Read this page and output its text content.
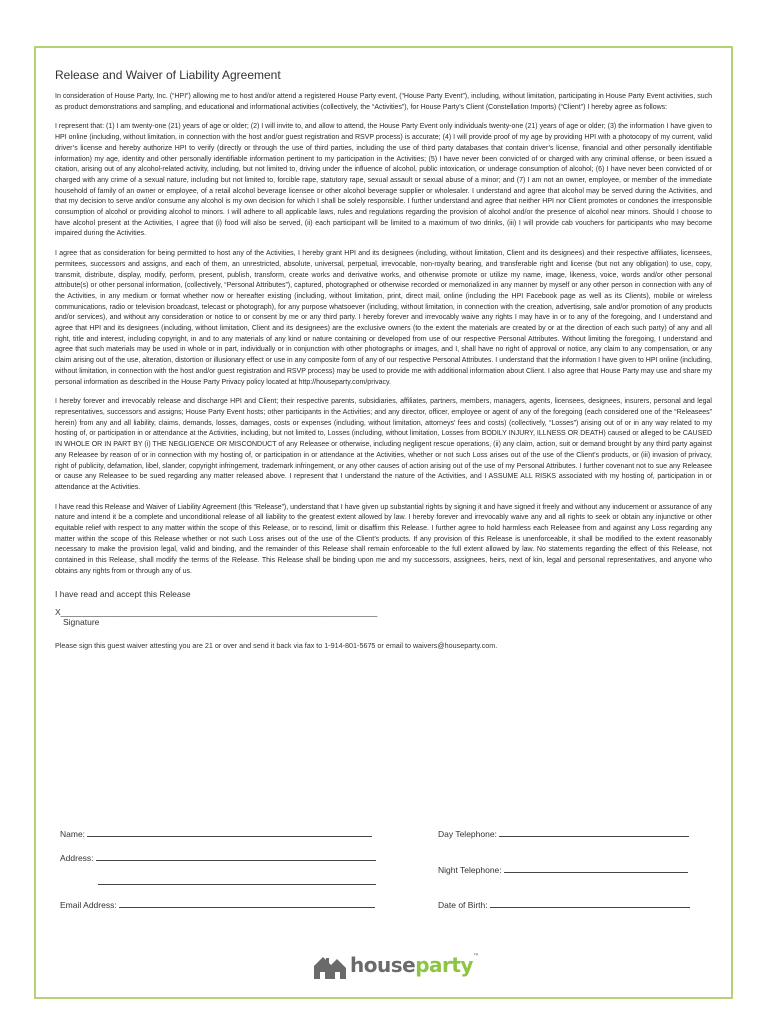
Release and Waiver of Liability Agreement

In consideration of House Party, Inc. (“HPI”) allowing me to host and/or attend a registered House Party event, (“House Party Event”), including, without limitation, participating in House Party Event activities, such as product demonstrations and sampling, and educational and informational activities (collectively, the “Activities”), for House Party’s Client (Constellation Imports) (“Client”) I hereby agree as follows:

I represent that: (1) I am twenty-one (21) years of age or older; (2) I will invite to, and allow to attend, the House Party Event only individuals twenty-one (21) years of age or older; (3) the information I have given to HPI online (including, without limitation, in connection with the host and/or guest registration and RSVP process) is accurate; (4) I will provide proof of my age by providing HPI with a photocopy of my current, valid driver’s license and hereby authorize HPI to verify (directly or through the use of third parties, including the use of third party databases that contain driver’s license, financial and other personally identifiable information) my age, identity and other personally identifiable information pertinent to my participation in the Activities; (5) I have never been convicted of or charged with any criminal offense, or been issued a citation, arising out of any alcohol-related activity, including, but not limited to, driving under the influence of alcohol, public intoxication, or underage consumption of alcohol; (6) I have never been convicted of or charged with any crime of a sexual nature, including but not limited to, forcible rape, statutory rape, sexual assault or sexual abuse of a minor; and (7) I am not an owner, employee, or member of the immediate household of family of an owner or employee, of a retail alcohol beverage licensee or other alcohol beverage supplier or wholesaler. I understand and agree that alcohol may be served during the Activities, and that my decision to serve and/or consume any alcohol is my own decision for which I shall be solely responsible. I further understand and agree that neither HPI nor Client promotes or condones the irresponsible consumption of alcohol or providing alcohol to minors. I will adhere to all applicable laws, rules and regulations regarding the provision of alcohol and/or the presence of alcohol near minors. Should I choose to have alcohol present at the Activities, I agree that (i) food will also be served, (ii) each participant will be limited to a maximum of two drinks, (iii) I will provide cab vouchers for participants who may become impaired during the Activities.

I agree that as consideration for being permitted to host any of the Activities, I hereby grant HPI and its designees (including, without limitation, Client and its designees) and their respective affiliates, licensees, permitees, successors and assigns, and each of them, an unrestricted, absolute, universal, perpetual, irrevocable, non-royalty bearing, and transferable right and license (but not any obligation) to use, copy, transmit, distribute, display, modify, perform, present, publish, transform, create works and derivative works, and otherwise promote or utilize my name, image, likeness, voice, words and/or other personal attribute(s) or other personal information, (collectively, “Personal Attributes”), captured, photographed or otherwise recorded or memorialized in any manner by myself or any other person in connection with any of the Activities, in any medium or format whether now or hereafter existing (including, without limitation, print, direct mail, online (including the HPI Facebook page as well as its Clients), mobile or wireless communications, radio or television broadcast, telecast or photograph), for any purpose whatsoever (including, without limitation, in connection with the creation, advertising, sale and/or promotion of any products and/or services), and without any consideration or notice to or consent by me or any third party. I hereby forever and irrevocably waive any rights I may have in or to any of the foregoing, and I understand and agree that HPI and its designees (including, without limitation, Client and its designees) are the exclusive owners (to the extent the materials are created by or at the direction of each such party) of any and all right, title and interest, including copyright, in and to any materials of any kind or nature containing or developed from use of our respective Personal Attributes. Without limiting the foregoing, I understand and agree that such materials may be used in whole or in part, individually or in conjunction with other photographs or images, and I, shall have no right of approval or notice, any claim to any compensation, or any claim arising out of the use, alteration, distortion or illusionary effect or use in any composite form of any of our respective Personal Attributes. I understand that the information I have given to HPI online (including, without limitation, in connection with the host and/or guest registration and RSVP process) may be used to provide me with additional information about Client. I also agree that House Party may use and share my personal information as described in the House Party Privacy policy located at http://houseparty.com/privacy.

I hereby forever and irrevocably release and discharge HPI and Client; their respective parents, subsidiaries, affiliates, partners, members, managers, agents, licensees, designees, insurers, personal and legal representatives, successors and assigns; House Party Event hosts; other participants in the Activities; and any director, officer, employee or agent of any of the foregoing (each considered one of the “Releasees” herein) from any and all liability, claims, demands, losses, damages, costs or expenses (including, without limitation, attorneys’ fees and costs) (collectively, “Losses”) arising out of or in any way related to my hosting of, or participation in or attendance at the Activities, including, but not limited to, Losses (including, without limitation, Losses from BODILY INJURY, ILLNESS OR DEATH) caused or alleged to be CAUSED IN WHOLE OR IN PART BY (i) THE NEGLIGENCE OR MISCONDUCT of any Releasee or otherwise, including negligent rescue operations, (ii) any claim, action, suit or demand brought by any third party against any Releasee by reason of or in connection with my hosting of, or participation in or attendance at the Activities, whether or not such Loss arises out of the use of the Client’s products, or (iii) invasion of privacy, right of publicity, defamation, libel, slander, copyright infringement, trademark infringement, or any other causes of action arising out of the use of my Personal Attributes. I further covenant not to sue any Releasee or cause any Releasee to be sued regarding any matter released above. I represent that I understand the nature of the Activities, and I ASSUME ALL RISKS associated with my hosting of, participation in or attendance at the Activities.

I have read this Release and Waiver of Liability Agreement (this “Release”), understand that I have given up substantial rights by signing it and have signed it freely and without any inducement or assurance of any nature and intend it be a complete and unconditional release of all liability to the greatest extent allowed by law. I hereby forever and irrevocably waive any and all rights to seek or obtain any injunctive or other equitable relief with respect to any matter within the scope of this Release, or to rescind, limit or disaffirm this Release. I further agree to hold harmless each Releasee from and against any Loss regarding any matter within the scope of this Release whether or not such Loss arises out of the use of the Client’s products. If any provision of this Release is unenforceable, it shall be modified to the extent reasonably necessary to make the provision legal, valid and binding, and the remainder of this Release shall remain enforceable to the full extent allowed by law. No statements regarding the effect of this Release, not contained in this Release, shall modify the terms of the Release. This Release shall be binding upon me and my successors, assignees, heirs, next of kin, legal and personal representatives, and anyone who obtains any rights from or through any of us.

I have read and accept this Release
X___________________________________________________________________
Signature
Please sign this guest waiver attesting you are 21 or over and send it back via fax to 1-914-801-5675 or email to waivers@houseparty.com.
Name:
Address:
Email Address:
Day Telephone:
Night Telephone:
Date of Birth:
houseparty™
